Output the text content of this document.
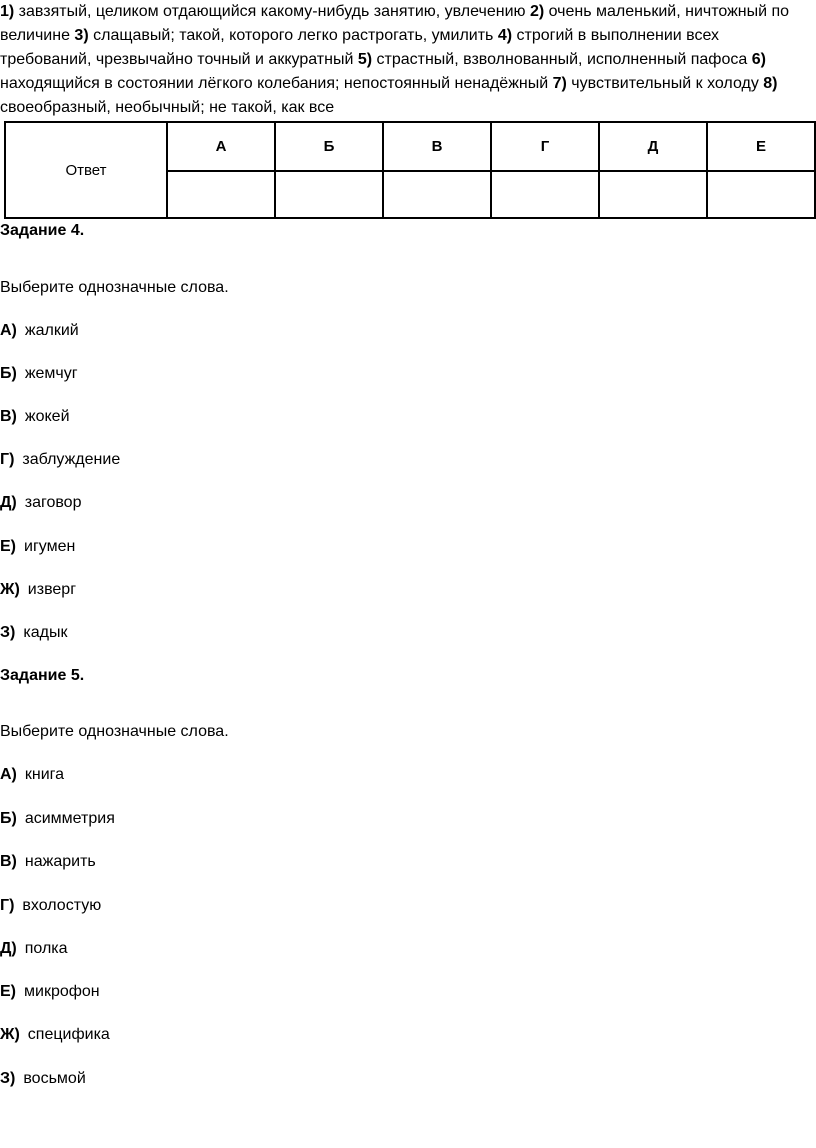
1) завзятый, целиком отдающийся какому-нибудь занятию, увлечению 2) очень маленький, ничтожный по величине 3) слащавый; такой, которого легко растрогать, умилить 4) строгий в выполнении всех требований, чрезвычайно точный и аккуратный 5) страстный, взволнованный, исполненный пафоса 6) находящийся в состоянии лёгкого колебания; непостоянный ненадёжный 7) чувствительный к холоду 8) своеобразный, необычный; не такой, как все

Ответ	А	Б	В	Г	Д	Е

Задание 4.

Выберите однозначные слова.

А) жалкий

Б) жемчуг

В) жокей

Г) заблуждение

Д) заговор

Е) игумен

Ж) изверг

З) кадык

Задание 5.

Выберите однозначные слова.

А) книга

Б) асимметрия

В) нажарить

Г) вхолостую

Д) полка

Е) микрофон

Ж) специфика

З) восьмой
